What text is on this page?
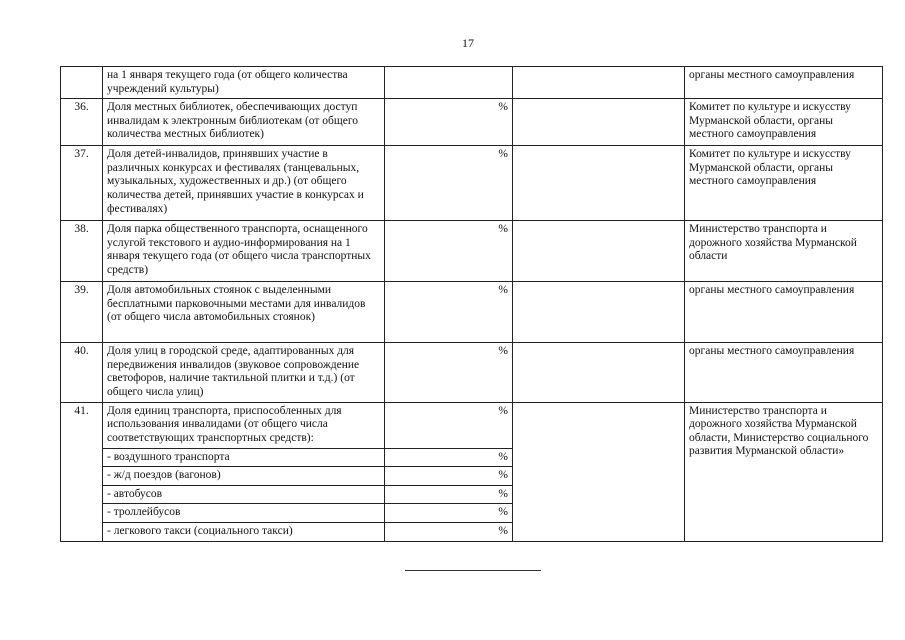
17
	на 1 января текущего года (от общего количества учреждений культуры)			органы местного самоуправления
36.	Доля местных библиотек, обеспечивающих доступ инвалидам к электронным библиотекам (от общего количества местных библиотек)	%		Комитет по культуре и искусству Мурманской области, органы местного самоуправления
37.	Доля детей-инвалидов, принявших участие в различных конкурсах и фестивалях (танцевальных, музыкальных, художественных и др.) (от общего количества детей, принявших участие в конкурсах и фестивалях)	%		Комитет по культуре и искусству Мурманской области, органы местного самоуправления
38.	Доля парка общественного транспорта, оснащенного услугой текстового и аудио-информирования на 1 января текущего года (от общего числа транспортных средств)	%		Министерство транспорта и дорожного хозяйства Мурманской области
39.	Доля автомобильных стоянок с выделенными бесплатными парковочными местами для инвалидов (от общего числа автомобильных стоянок)	%		органы местного самоуправления
40.	Доля улиц в городской среде, адаптированных для передвижения инвалидов (звуковое сопровождение светофоров, наличие тактильной плитки и т.д.) (от общего числа улиц)	%		органы местного самоуправления
41.	Доля единиц транспорта, приспособленных для использования инвалидами (от общего числа соответствующих транспортных средств):	%		Министерство транспорта и дорожного хозяйства Мурманской области, Министерство социального развития Мурманской области»
	- воздушного транспорта	%		
	- ж/д поездов (вагонов)	%		
	- автобусов	%		
	- троллейбусов	%		
	- легкового такси (социального такси)	%		
